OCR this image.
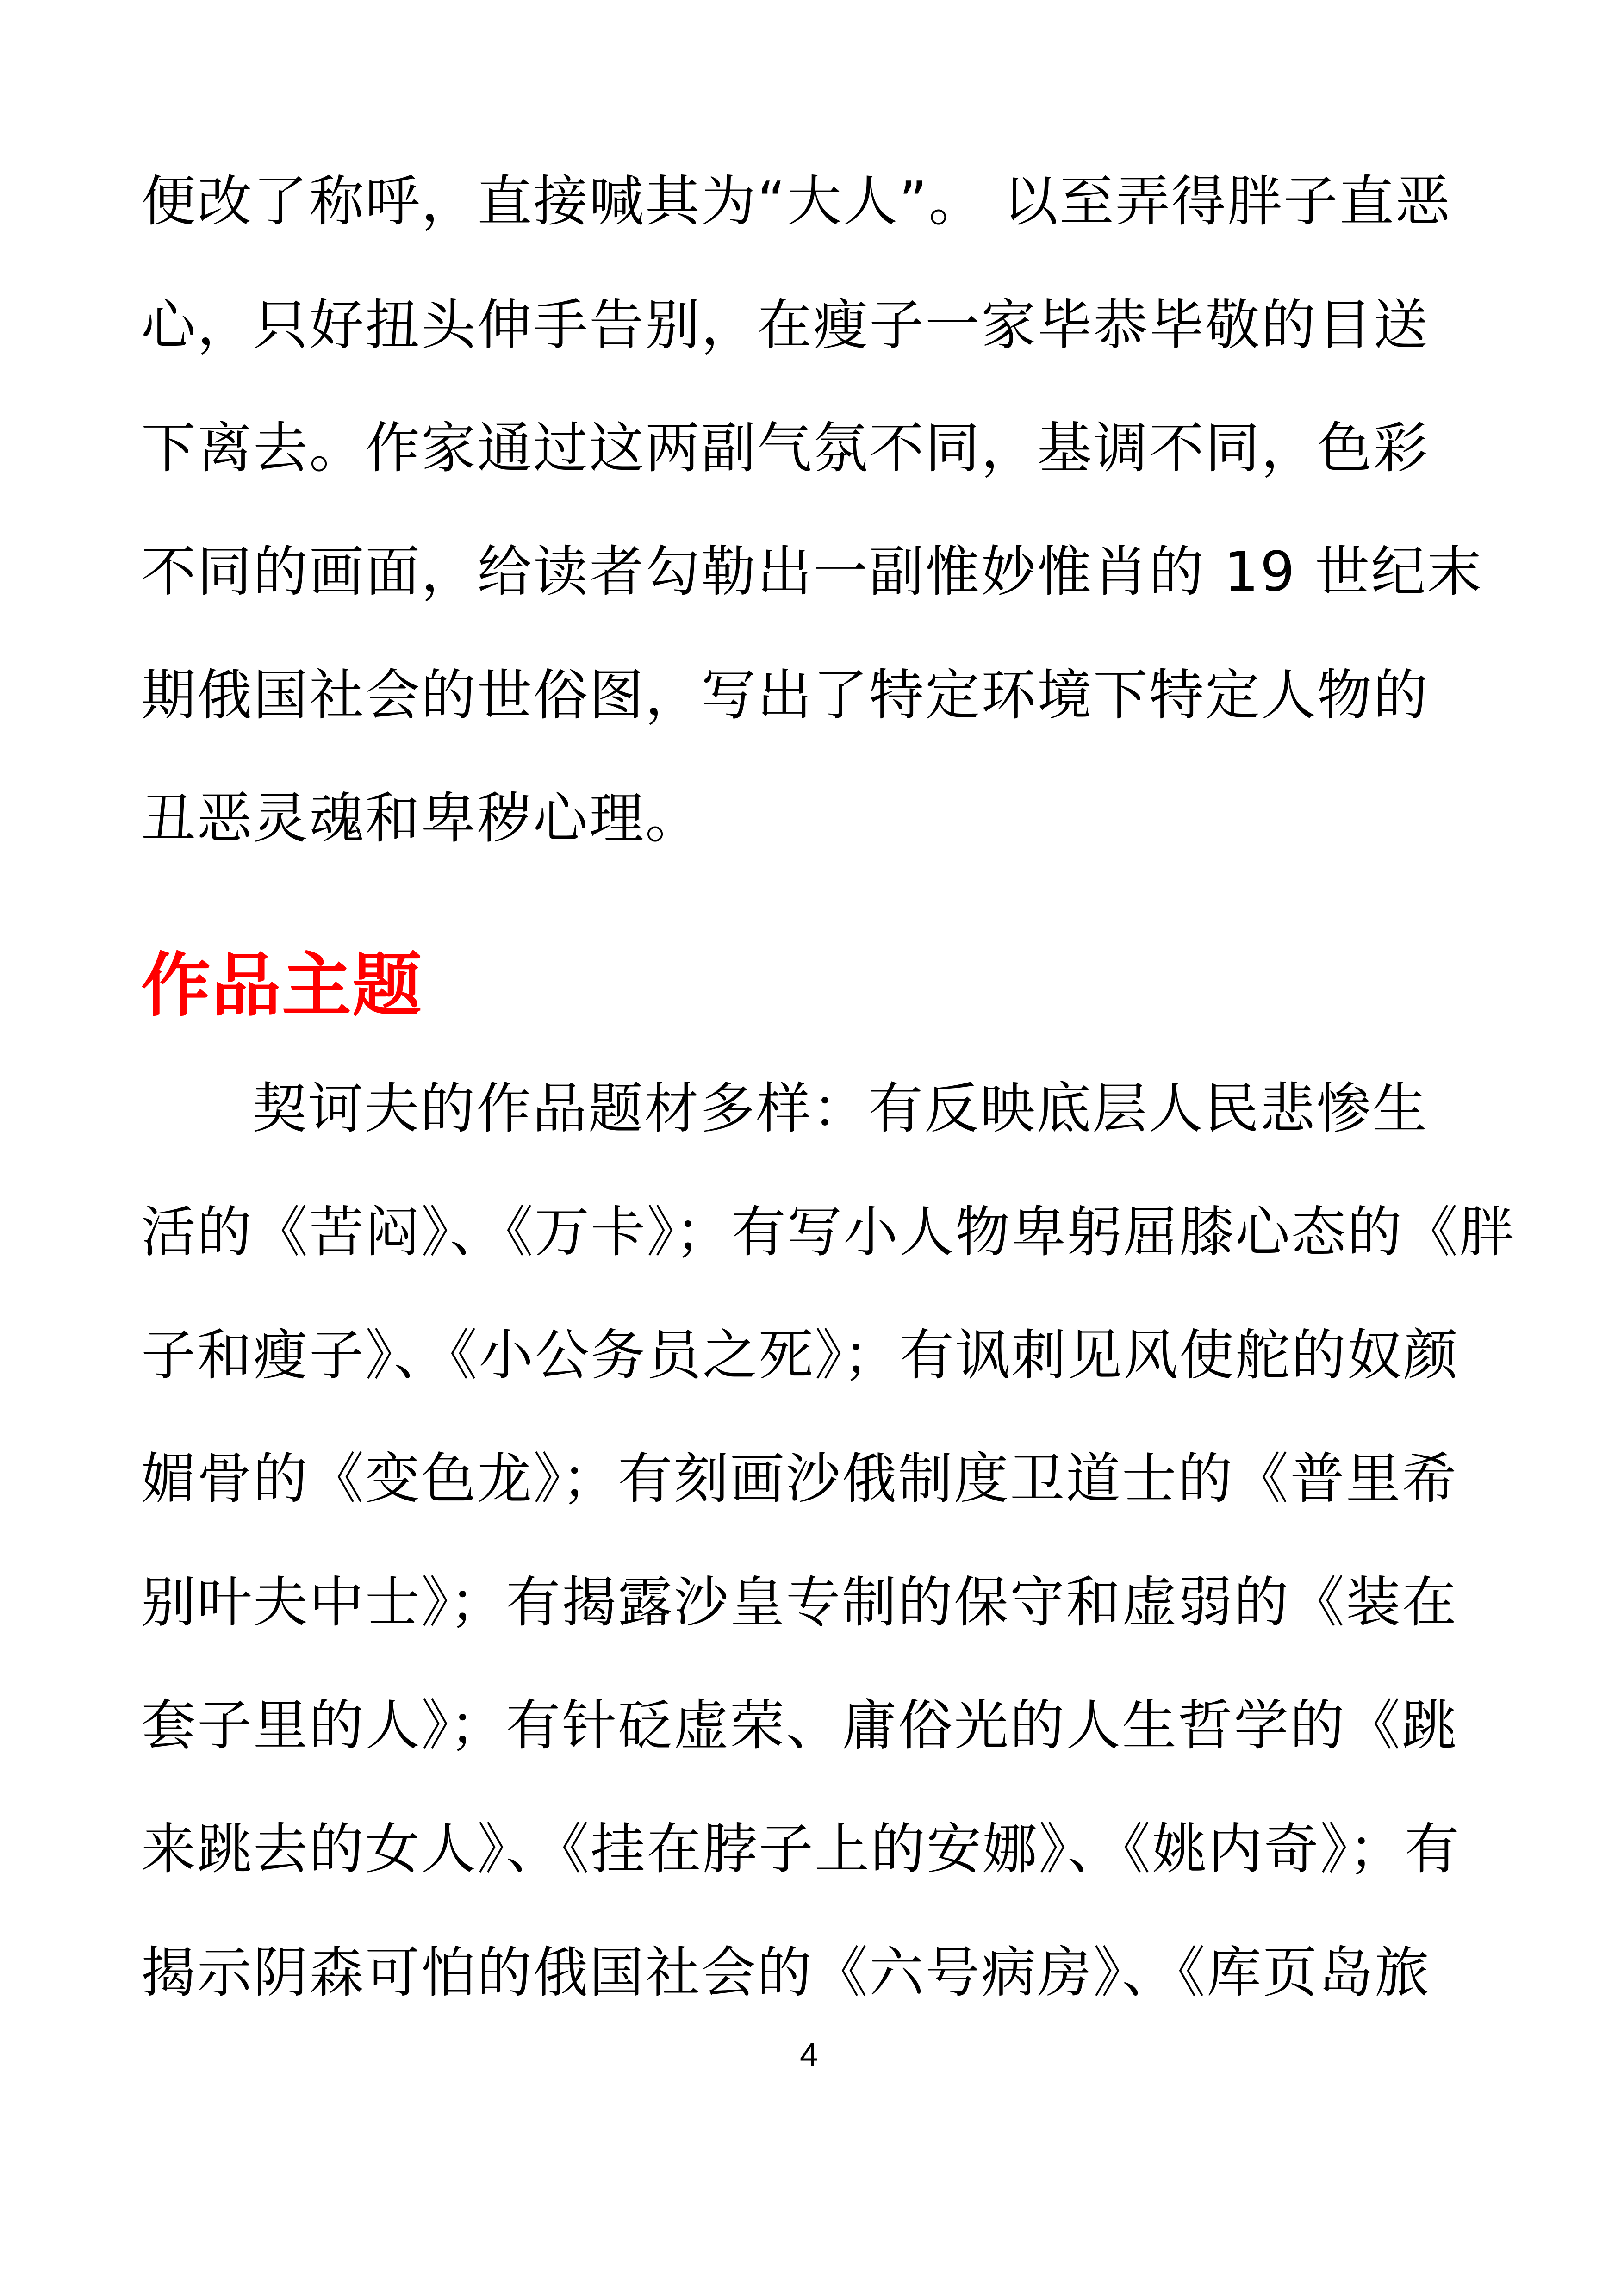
便改了称呼，直接喊其为“大人”。 以至弄得胖子直恶
心，只好扭头伸手告别，在瘦子一家毕恭毕敬的目送
下离去。作家通过这两副气氛不同，基调不同，色彩
不同的画面，给读者勾勒出一副惟妙惟肖的 19 世纪末
期俄国社会的世俗图，写出了特定环境下特定人物的
丑恶灵魂和卑秽心理。
作品主题
契诃夫的作品题材多样：有反映底层人民悲惨生
活的《苦闷》、《万卡》；有写小人物卑躬屈膝心态的《胖
子和瘦子》、《小公务员之死》；有讽刺见风使舵的奴颜
媚骨的《变色龙》；有刻画沙俄制度卫道士的《普里希
别叶夫中士》；有揭露沙皇专制的保守和虚弱的《装在
套子里的人》；有针砭虚荣、庸俗光的人生哲学的《跳
来跳去的女人》、《挂在脖子上的安娜》、《姚内奇》；有
揭示阴森可怕的俄国社会的《六号病房》、《库页岛旅
4
